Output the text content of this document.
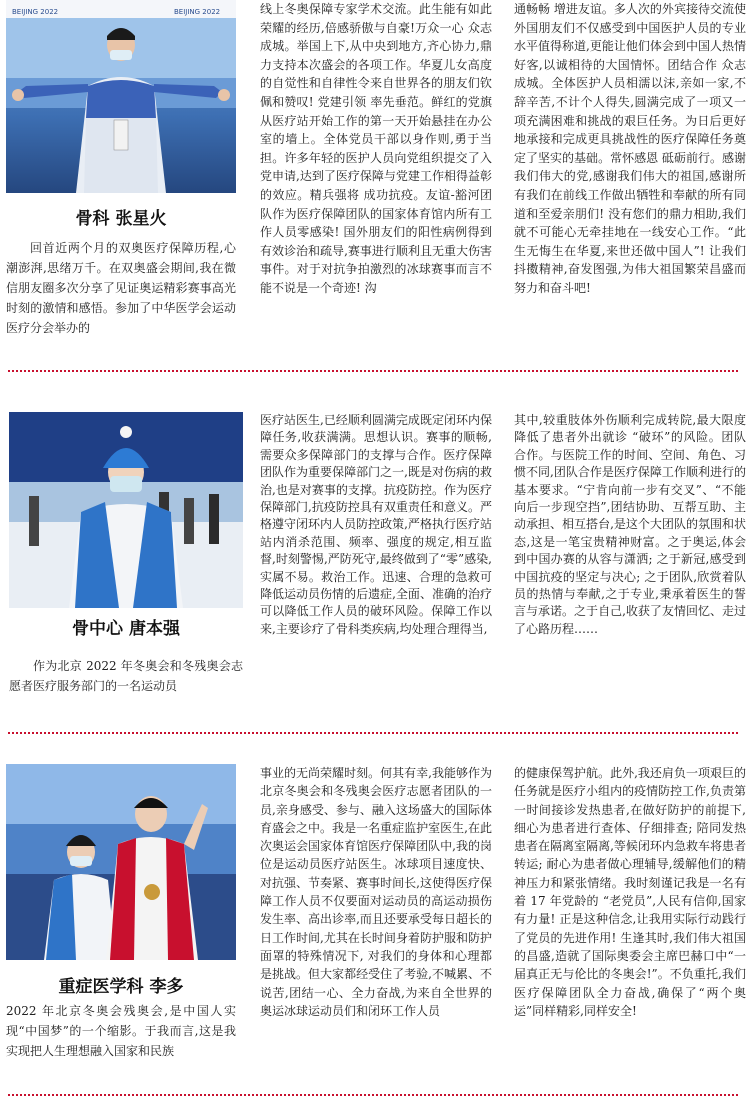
BEIJING 2022	BEIJING 2022
骨科 张星火

回首近两个月的双奥医疗保障历程,心潮澎湃,思绪万千。在双奥盛会期间,我在微信朋友圈多次分享了见证奥运精彩赛事高光时刻的激情和感悟。参加了中华医学会运动医疗分会举办的

线上冬奥保障专家学术交流。此生能有如此荣耀的经历,倍感骄傲与自豪!万众一心 众志成城。举国上下,从中央到地方,齐心协力,鼎力支持本次盛会的各项工作。华夏儿女高度的自觉性和自律性令来自世界各的朋友们钦佩和赞叹! 党建引领 率先垂范。鲜红的党旗从医疗站开始工作的第一天开始悬挂在办公室的墙上。全体党员干部以身作则,勇于当担。许多年轻的医护人员向党组织提交了入党申请,达到了医疗保障与党建工作相得益彰的效应。精兵强将 成功抗疫。友谊-豁河团队作为医疗保障团队的国家体育馆内所有工作人员零感染! 国外朋友们的阳性病例得到有效诊治和疏导,赛事进行顺利且无重大伤害事件。对于对抗争拍激烈的冰球赛事而言不能不说是一个奇迹! 沟

通畅畅 增进友谊。多人次的外宾接待交流使外国朋友们不仅感受到中国医护人员的专业水平值得称道,更能让他们体会到中国人热情好客,以诚相待的大国情怀。团结合作 众志成城。全体医护人员相濡以沫,亲如一家,不辞辛苦,不计个人得失,圆满完成了一项又一项充满困难和挑战的艰巨任务。为日后更好地承接和完成更具挑战性的医疗保障任务奠定了坚实的基础。常怀感恩 砥砺前行。感谢我们伟大的党,感谢我们伟大的祖国,感谢所有我们在前线工作做出牺牲和奉献的所有同道和至爱亲朋们! 没有您们的鼎力相助,我们就不可能心无牵挂地在一线安心工作。“此生无悔生在华夏,来世还做中国人”! 让我们抖擞精神,奋发图强,为伟大祖国繁荣昌盛而努力和奋斗吧!

骨中心 唐本强

作为北京 2022 年冬奥会和冬残奥会志愿者医疗服务部门的一名运动员

医疗站医生,已经顺利圆满完成既定闭环内保障任务,收获满满。思想认识。赛事的顺畅,需要众多保障部门的支撑与合作。医疗保障团队作为重要保障部门之一,既是对伤病的救治,也是对赛事的支撑。抗疫防控。作为医疗保障部门,抗疫防控具有双重责任和意义。严格遵守闭环内人员防控政策,严格执行医疗站站内消杀范围、频率、强度的规定,相互监督,时刻警惕,严防死守,最终做到了“零”感染,实属不易。救治工作。迅速、合理的急救可降低运动员伤情的后遗症,全面、准确的治疗可以降低工作人员的破环风险。保障工作以来,主要诊疗了骨科类疾病,均处理合理得当,

其中,较重肢体外伤顺利完成转院,最大限度降低了患者外出就诊 “破环”的风险。团队合作。与医院工作的时间、空间、角色、习惯不同,团队合作是医疗保障工作顺利进行的基本要求。“宁肯向前一步有交叉”、“不能向后一步现空挡”,团结协助、互帮互助、主动承担、相互搭台,是这个大团队的氛围和状态,这是一笔宝贵精神财富。之于奥运,体会到中国办赛的从容与潇洒; 之于新冠,感受到中国抗疫的坚定与决心; 之于团队,欣赏着队员的热情与奉献,之于专业,秉承着医生的誓言与承诺。之于自己,收获了友情回忆、走过了心路历程……

重症医学科 李多

2022 年北京冬奥会残奥会,是中国人实现“中国梦”的一个缩影。于我而言,这是我实现把人生理想融入国家和民族

事业的无尚荣耀时刻。何其有幸,我能够作为北京冬奥会和冬残奥会医疗志愿者团队的一员,亲身感受、参与、融入这场盛大的国际体育盛会之中。我是一名重症监护室医生,在此次奥运会国家体育馆医疗保障团队中,我的岗位是运动员医疗站医生。冰球项目速度快、对抗强、节奏紧、赛事时间长,这使得医疗保障工作人员不仅要面对运动员的高运动损伤发生率、高出诊率,而且还要承受每日超长的日工作时间,尤其在长时间身着防护服和防护面罩的特殊情况下, 对我们的身体和心理都是挑战。但大家都经受住了考验,不喊累、不说苦,团结一心、全力奋战,为来自全世界的奥运冰球运动员们和闭环工作人员

的健康保驾护航。此外,我还肩负一项艰巨的任务就是医疗小组内的疫情防控工作,负责第一时间接诊发热患者,在做好防护的前提下,细心为患者进行查体、仔细排查; 陪同发热患者在隔离室隔离,等候闭环内急救车将患者转运; 耐心为患者做心理辅导,缓解他们的精神压力和紧张情绪。我时刻谨记我是一名有着 17 年党龄的 “老党员”,人民有信仰,国家有力量! 正是这种信念,让我用实际行动践行了党员的先进作用! 生逢其时,我们伟大祖国的昌盛,造就了国际奥委会主席巴赫口中“一届真正无与伦比的冬奥会!”。不负重托,我们医疗保障团队全力奋战,确保了“两个奥运”同样精彩,同样安全!
